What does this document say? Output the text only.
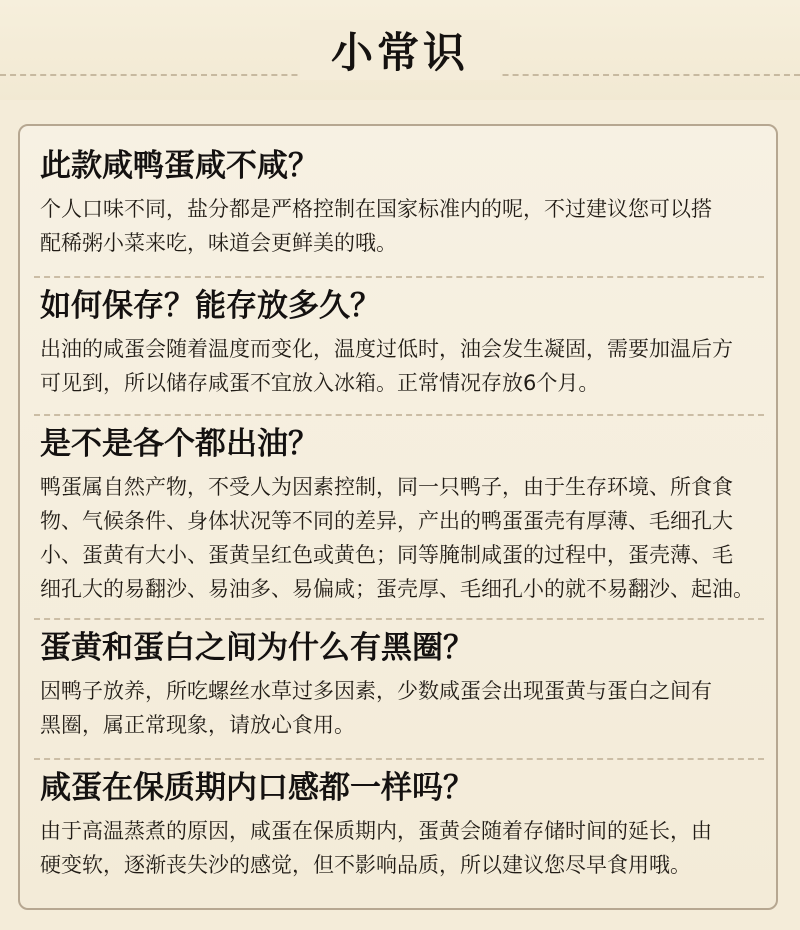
小常识
此款咸鸭蛋咸不咸？
个人口味不同，盐分都是严格控制在国家标准内的呢，不过建议您可以搭
配稀粥小菜来吃，味道会更鲜美的哦。
如何保存？能存放多久？
出油的咸蛋会随着温度而变化，温度过低时，油会发生凝固，需要加温后方
可见到，所以储存咸蛋不宜放入冰箱。正常情况存放6个月。
是不是各个都出油？
鸭蛋属自然产物，不受人为因素控制，同一只鸭子，由于生存环境、所食食
物、气候条件、身体状况等不同的差异，产出的鸭蛋蛋壳有厚薄、毛细孔大
小、蛋黄有大小、蛋黄呈红色或黄色；同等腌制咸蛋的过程中，蛋壳薄、毛
细孔大的易翻沙、易油多、易偏咸；蛋壳厚、毛细孔小的就不易翻沙、起油。
蛋黄和蛋白之间为什么有黑圈？
因鸭子放养，所吃螺丝水草过多因素，少数咸蛋会出现蛋黄与蛋白之间有
黑圈，属正常现象，请放心食用。
咸蛋在保质期内口感都一样吗？
由于高温蒸煮的原因，咸蛋在保质期内，蛋黄会随着存储时间的延长，由
硬变软，逐渐丧失沙的感觉，但不影响品质，所以建议您尽早食用哦。
